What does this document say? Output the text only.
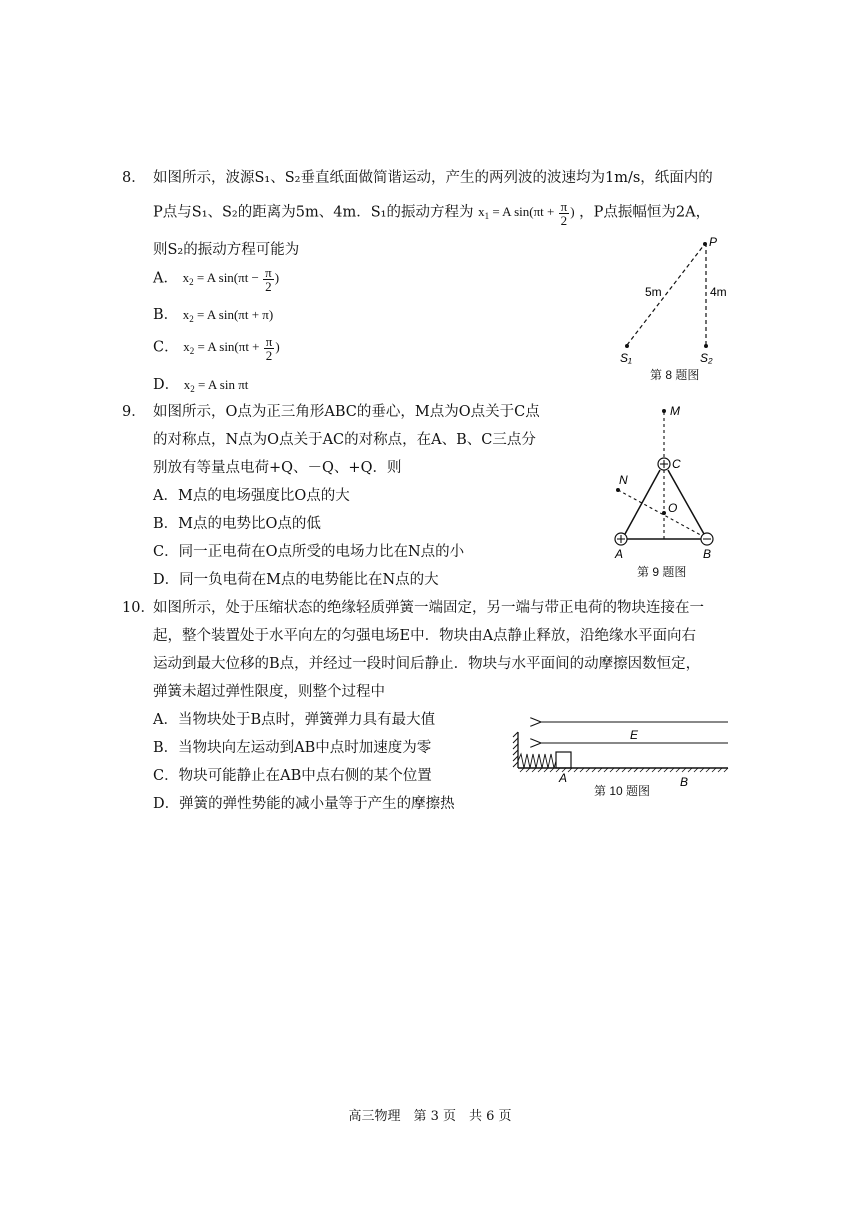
8． 如图所示，波源S₁、S₂垂直纸面做简谐运动，产生的两列波的波速均为1m/s，纸面内的
P点与S₁、S₂的距离为5m、4m．S₁的振动方程为 $x_1 = A$ $\sin(\pi t + \frac{\pi}{2}$ ) ，P点振幅恒为2A，
则S₂的振动方程可能为
A． $x_2 = A$ $\sin(\pi t - \frac{\pi}{2}$ )
B． $x_2 = A$ sin(πt + π)
C． $x_2 = A$ $\sin(\pi t + \frac{\pi}{2}$ )
D． $x_2 = A$ sin πt
P
5m	4m
S₁	S₂
第 8 题图
9． 如图所示，O点为正三角形ABC的垂心，M点为O点关于C点
的对称点，N点为O点关于AC的对称点，在A、B、C三点分
别放有等量点电荷+Q、－Q、+Q．则
A．M点的电场强度比O点的大
B．M点的电势比O点的低
C．同一正电荷在O点所受的电场力比在N点的小
D．同一负电荷在M点的电势能比在N点的大
M
N
C
O
A	B
第 9 题图
10．
如图所示，处于压缩状态的绝缘轻质弹簧一端固定，另一端与带正电荷的物块连接在一
起，整个装置处于水平向左的匀强电场E中．物块由A点静止释放，沿绝缘水平面向右
运动到最大位移的B点，并经过一段时间后静止．物块与水平面间的动摩擦因数恒定，
弹簧未超过弹性限度，则整个过程中
A．当物块处于B点时，弹簧弹力具有最大值
B．当物块向左运动到AB中点时加速度为零
C．物块可能静止在AB中点右侧的某个位置
D．弹簧的弹性势能的减小量等于产生的摩擦热
E
A	B
第 10 题图
高三物理　第 3 页　共 6 页
